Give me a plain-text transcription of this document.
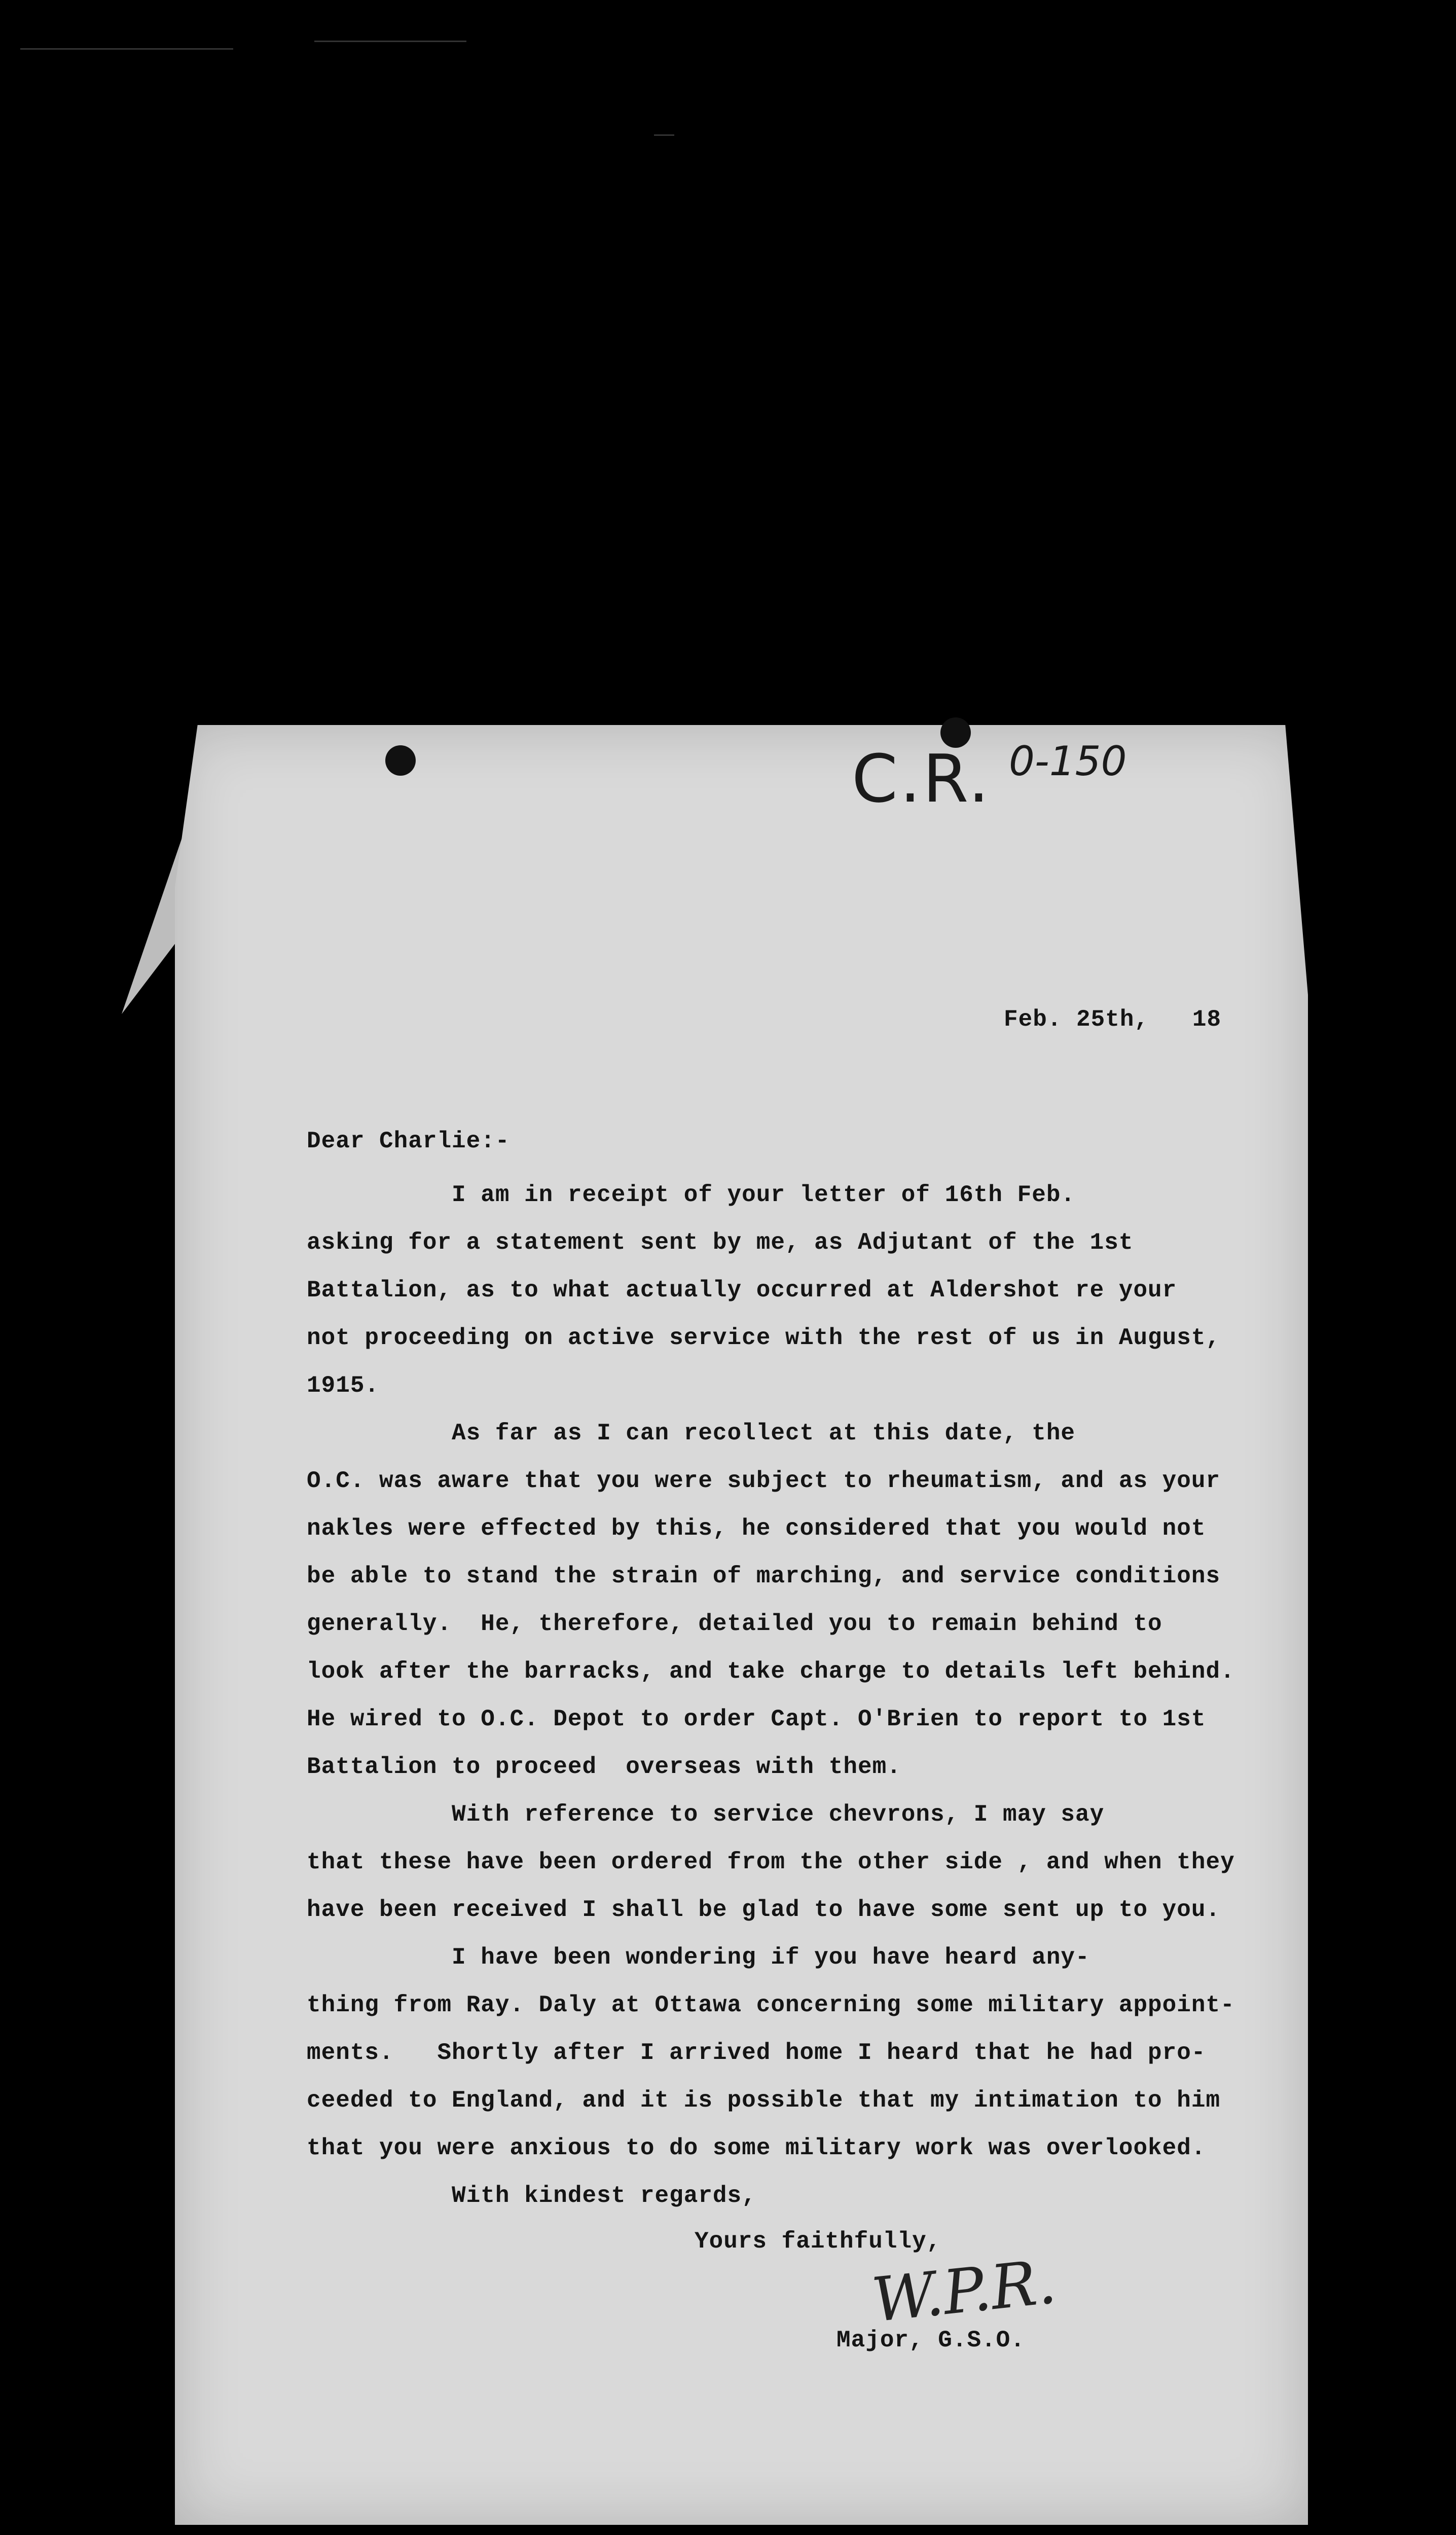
C.R. 0-150
Feb. 25th,   18
Dear Charlie:-
I am in receipt of your letter of 16th Feb.
asking for a statement sent by me, as Adjutant of the 1st
Battalion, as to what actually occurred at Aldershot re your
not proceeding on active service with the rest of us in August,
1915.
As far as I can recollect at this date, the
O.C. was aware that you were subject to rheumatism, and as your
nakles were effected by this, he considered that you would not
be able to stand the strain of marching, and service conditions
generally.  He, therefore, detailed you to remain behind to
look after the barracks, and take charge to details left behind.
He wired to O.C. Depot to order Capt. O'Brien to report to 1st
Battalion to proceed  overseas with them.
With reference to service chevrons, I may say
that these have been ordered from the other side , and when they
have been received I shall be glad to have some sent up to you.
I have been wondering if you have heard any-
thing from Ray. Daly at Ottawa concerning some military appoint-
ments.   Shortly after I arrived home I heard that he had pro-
ceeded to England, and it is possible that my intimation to him
that you were anxious to do some military work was overlooked.
With kindest regards,
Yours faithfully,
W.P.R.
Major, G.S.O.
